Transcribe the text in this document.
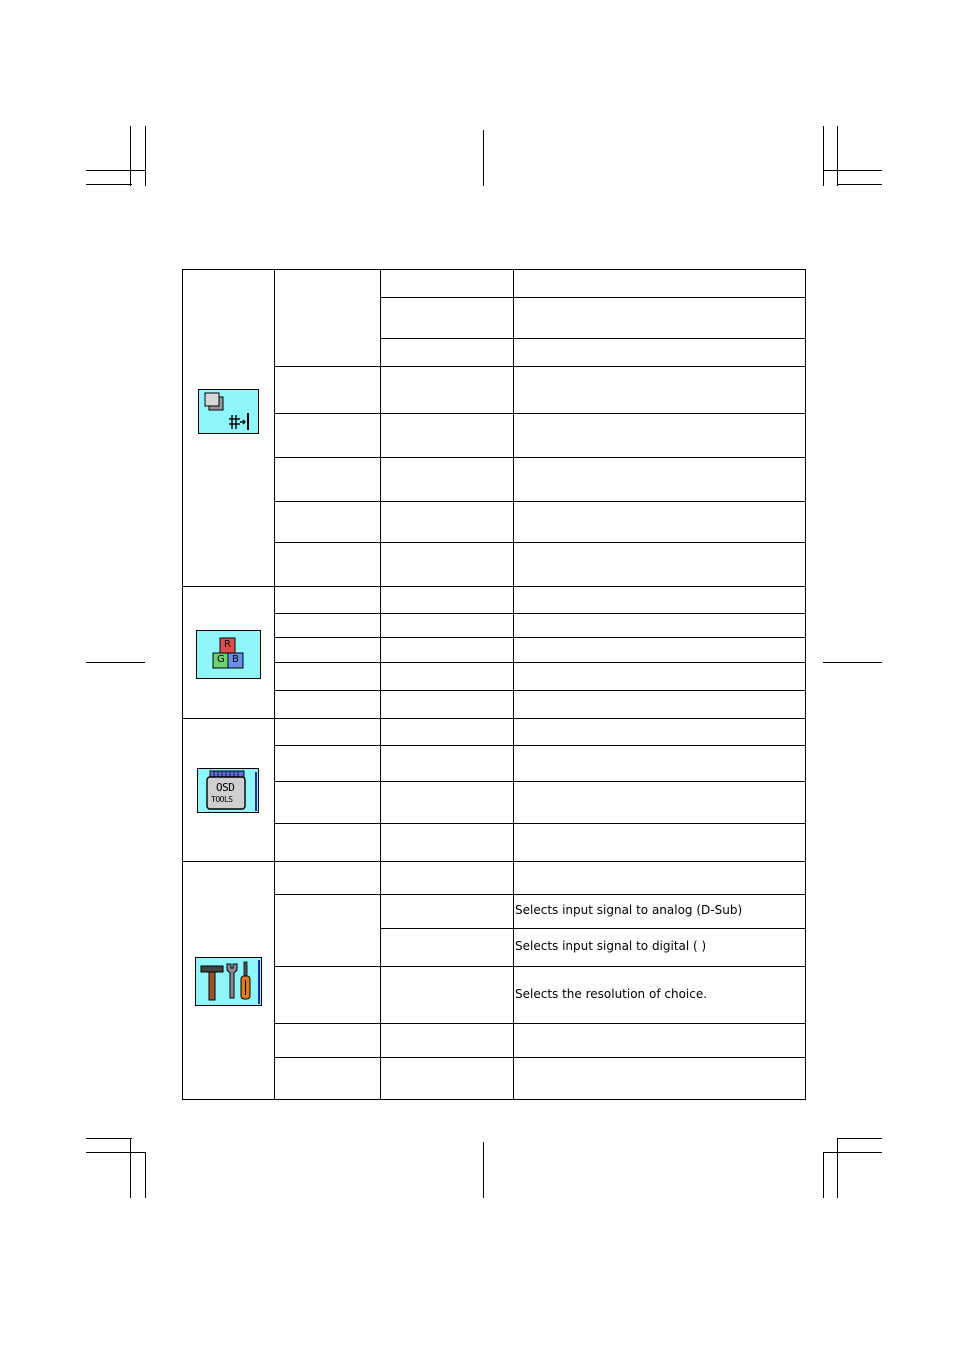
R
G B
OSD
TOOLS
Selects input signal to analog (D-Sub)
Selects input signal to digital ( )
Selects the resolution of choice.
